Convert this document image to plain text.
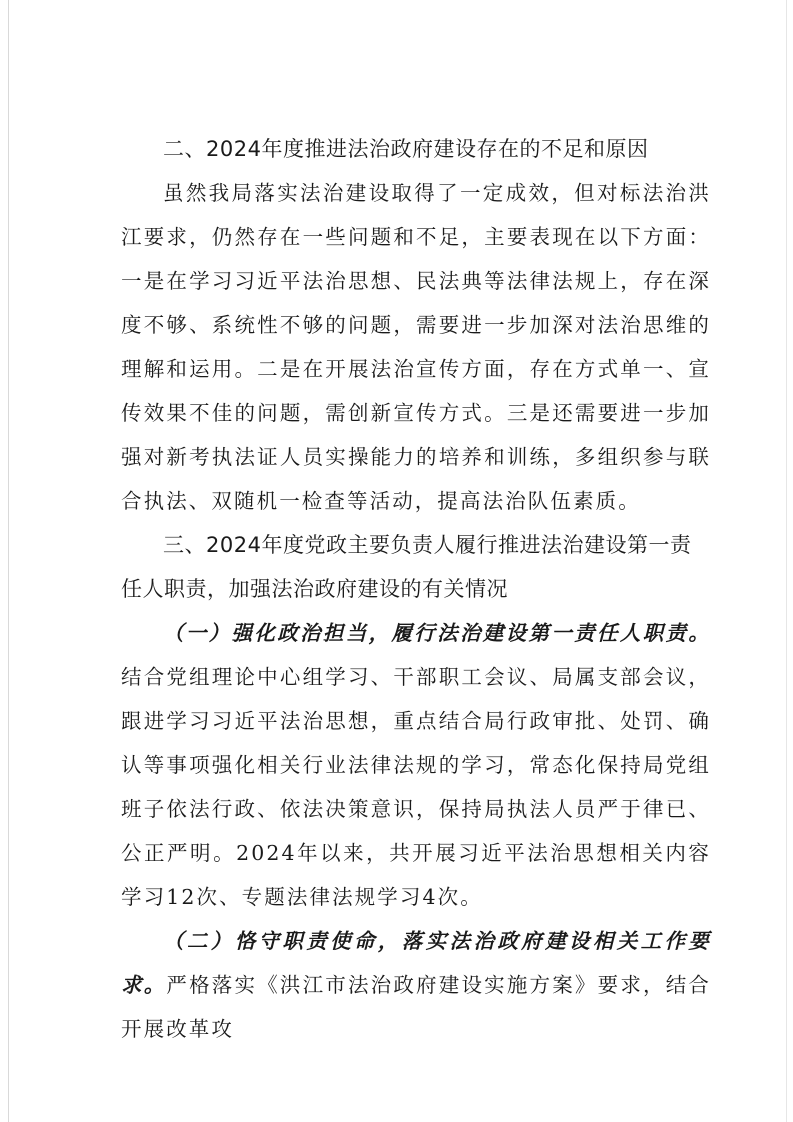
二、2024年度推进法治政府建设存在的不足和原因

虽然我局落实法治建设取得了一定成效，但对标法治洪江要求，仍然存在一些问题和不足，主要表现在以下方面：一是在学习习近平法治思想、民法典等法律法规上，存在深度不够、系统性不够的问题，需要进一步加深对法治思维的理解和运用。二是在开展法治宣传方面，存在方式单一、宣传效果不佳的问题，需创新宣传方式。三是还需要进一步加强对新考执法证人员实操能力的培养和训练，多组织参与联合执法、双随机一检查等活动，提高法治队伍素质。

三、2024年度党政主要负责人履行推进法治建设第一责任人职责，加强法治政府建设的有关情况

（一）强化政治担当，履行法治建设第一责任人职责。结合党组理论中心组学习、干部职工会议、局属支部会议，跟进学习习近平法治思想，重点结合局行政审批、处罚、确认等事项强化相关行业法律法规的学习，常态化保持局党组班子依法行政、依法决策意识，保持局执法人员严于律已、公正严明。2024年以来，共开展习近平法治思想相关内容学习12次、专题法律法规学习4次。

（二）恪守职责使命，落实法治政府建设相关工作要求。严格落实《洪江市法治政府建设实施方案》要求，结合开展改革攻
